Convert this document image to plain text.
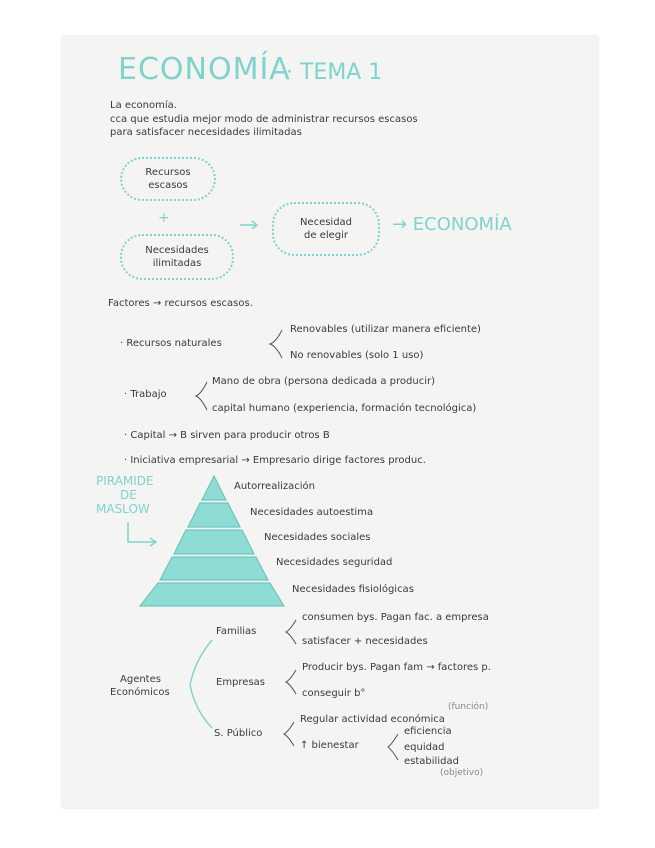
ECONOMÍA
· TEMA 1
La economía.
cca que estudia mejor modo de administrar recursos escasos
para satisfacer necesidades ilimitadas
Recursos escasos
+
Necesidades ilimitadas
Necesidad de elegir
→ ECONOMÍA
Factores → recursos escasos.
· Recursos naturales
Renovables (utilizar manera eficiente)
No renovables (solo 1 uso)
· Trabajo
Mano de obra (persona dedicada a producir)
capital humano (experiencia, formación tecnológica)
· Capital → B sirven para producir otros B
· Iniciativa empresarial → Empresario dirige factores produc.
PIRAMIDE
DE
MASLOW
Autorrealización
Necesidades autoestima
Necesidades sociales
Necesidades seguridad
Necesidades fisiológicas
Agentes
Económicos
Familias
consumen bys. Pagan fac. a empresa
satisfacer + necesidades
Empresas
Producir bys. Pagan fam → factores p.
conseguir b°
S. Público
(función)
Regular actividad económica
↑ bienestar
eficiencia
equidad
estabilidad
(objetivo)
